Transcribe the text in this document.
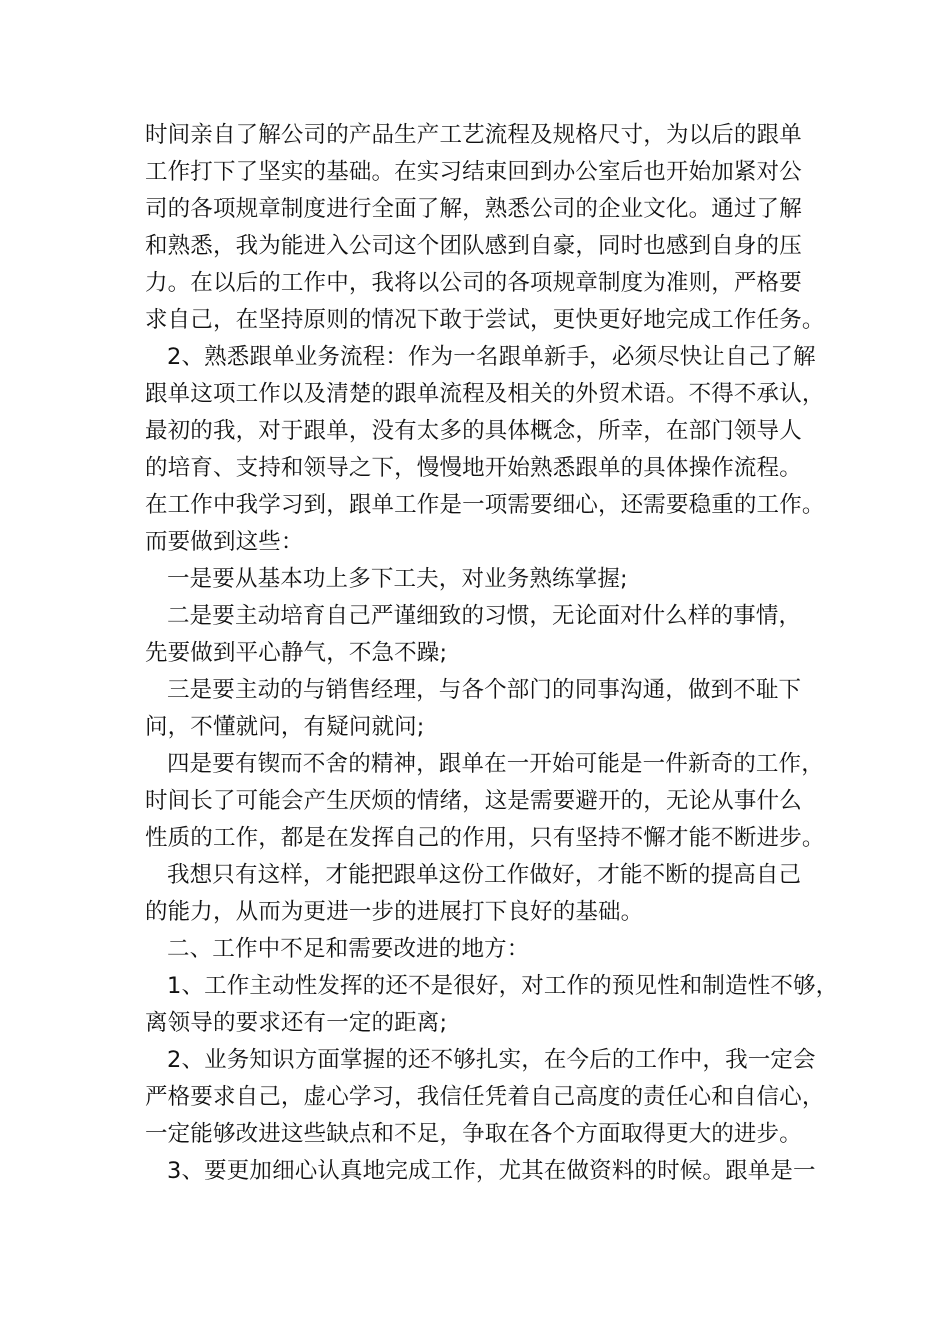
时间亲自了解公司的产品生产工艺流程及规格尺寸，为以后的跟单
工作打下了坚实的基础。在实习结束回到办公室后也开始加紧对公
司的各项规章制度进行全面了解，熟悉公司的企业文化。通过了解
和熟悉，我为能进入公司这个团队感到自豪，同时也感到自身的压
力。在以后的工作中，我将以公司的各项规章制度为准则，严格要
求自己，在坚持原则的情况下敢于尝试，更快更好地完成工作任务。
2、熟悉跟单业务流程：作为一名跟单新手，必须尽快让自己了解
跟单这项工作以及清楚的跟单流程及相关的外贸术语。不得不承认，
最初的我，对于跟单，没有太多的具体概念，所幸，在部门领导人
的培育、支持和领导之下，慢慢地开始熟悉跟单的具体操作流程。
在工作中我学习到，跟单工作是一项需要细心，还需要稳重的工作。
而要做到这些：
一是要从基本功上多下工夫，对业务熟练掌握;
二是要主动培育自己严谨细致的习惯，无论面对什么样的事情，
先要做到平心静气，不急不躁;
三是要主动的与销售经理，与各个部门的同事沟通，做到不耻下
问，不懂就问，有疑问就问;
四是要有锲而不舍的精神，跟单在一开始可能是一件新奇的工作，
时间长了可能会产生厌烦的情绪，这是需要避开的，无论从事什么
性质的工作，都是在发挥自己的作用，只有坚持不懈才能不断进步。
我想只有这样，才能把跟单这份工作做好，才能不断的提高自己
的能力，从而为更进一步的进展打下良好的基础。
二、工作中不足和需要改进的地方：
1、工作主动性发挥的还不是很好，对工作的预见性和制造性不够，
离领导的要求还有一定的距离;
2、业务知识方面掌握的还不够扎实，在今后的工作中，我一定会
严格要求自己，虚心学习，我信任凭着自己高度的责任心和自信心，
一定能够改进这些缺点和不足，争取在各个方面取得更大的进步。
3、要更加细心认真地完成工作，尤其在做资料的时候。跟单是一
